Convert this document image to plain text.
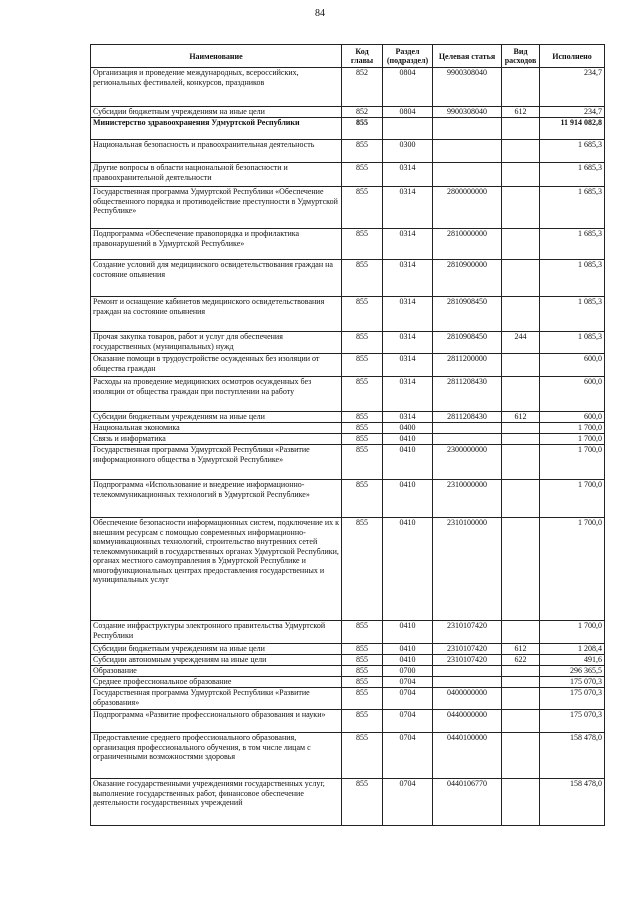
84
Наименование	Код главы	Раздел (подраздел)	Целевая статья	Вид расходов	Исполнено
Организация и проведение международных, всероссийских, региональных фестивалей, конкурсов, праздников	852	0804	9900308040		234,7
Субсидии бюджетным учреждениям на иные цели	852	0804	9900308040	612	234,7
Министерство здравоохранения Удмуртской Республики	855				11 914 082,8
Национальная безопасность и правоохранительная деятельность	855	0300			1 685,3
Другие вопросы в области национальной безопасности и правоохранительной деятельности	855	0314			1 685,3
Государственная программа Удмуртской Республики «Обеспечение общественного порядка и противодействие преступности в Удмуртской Республике»	855	0314	2800000000		1 685,3
Подпрограмма «Обеспечение правопорядка и профилактика правонарушений в Удмуртской Республике»	855	0314	2810000000		1 685,3
Создание условий для медицинского освидетельствования граждан на состояние опьянения	855	0314	2810900000		1 085,3
Ремонт и оснащение кабинетов медицинского освидетельствования граждан на состояние опьянения	855	0314	2810908450		1 085,3
Прочая закупка товаров, работ и услуг для обеспечения государственных (муниципальных) нужд	855	0314	2810908450	244	1 085,3
Оказание помощи в трудоустройстве осужденных без изоляции от общества граждан	855	0314	2811200000		600,0
Расходы на проведение медицинских осмотров осужденных без изоляции от общества граждан при поступлении на работу	855	0314	2811208430		600,0
Субсидии бюджетным учреждениям на иные цели	855	0314	2811208430	612	600,0
Национальная экономика	855	0400			1 700,0
Связь и информатика	855	0410			1 700,0
Государственная программа Удмуртской Республики «Развитие информационного общества в Удмуртской Республике»	855	0410	2300000000		1 700,0
Подпрограмма «Использование и внедрение информационно-телекоммуникационных технологий в Удмуртской Республике»	855	0410	2310000000		1 700,0
Обеспечение безопасности информационных систем, подключение их к внешним ресурсам с помощью современных информационно-коммуникационных технологий, строительство внутренних сетей телекоммуникаций в государственных органах Удмуртской Республики, органах местного самоуправления в Удмуртской Республике и многофункциональных центрах предоставления государственных и муниципальных услуг	855	0410	2310100000		1 700,0
Создание инфраструктуры электронного правительства Удмуртской Республики	855	0410	2310107420		1 700,0
Субсидии бюджетным учреждениям на иные цели	855	0410	2310107420	612	1 208,4
Субсидии автономным учреждениям на иные цели	855	0410	2310107420	622	491,6
Образование	855	0700			296 365,5
Среднее профессиональное образование	855	0704			175 070,3
Государственная программа Удмуртской Республики «Развитие образования»	855	0704	0400000000		175 070,3
Подпрограмма «Развитие профессионального образования и науки»	855	0704	0440000000		175 070,3
Предоставление среднего профессионального образования, организация профессионального обучения, в том числе лицам с ограниченными возможностями здоровья	855	0704	0440100000		158 478,0
Оказание государственными учреждениями государственных услуг, выполнение государственных работ, финансовое обеспечение деятельности государственных учреждений	855	0704	0440106770		158 478,0
